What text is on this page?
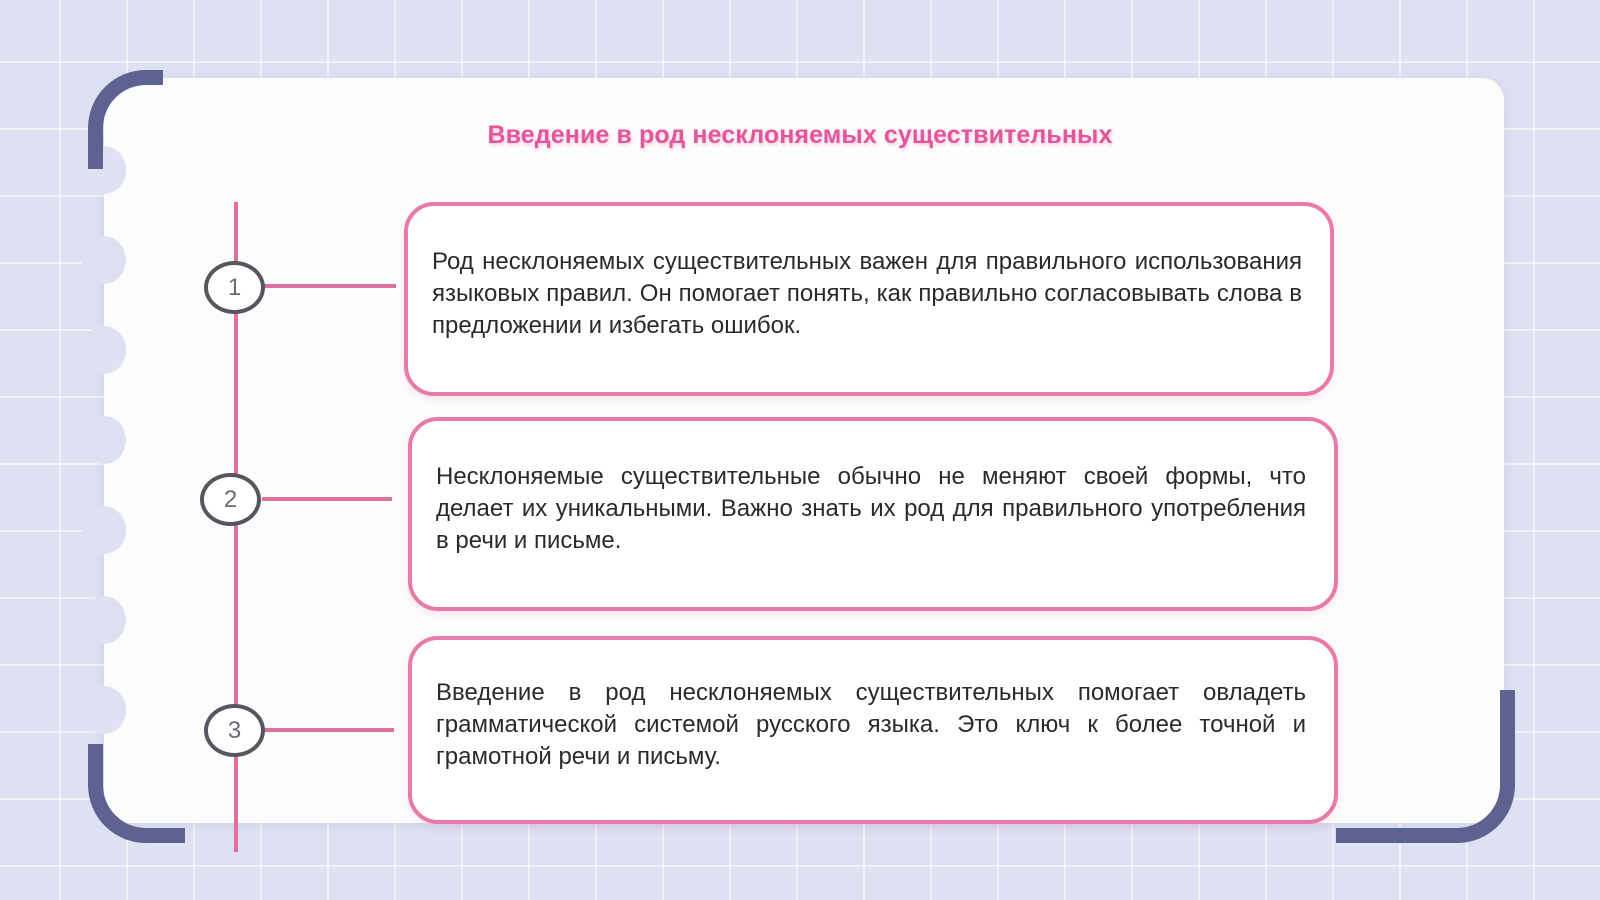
Введение в род несклоняемых существительных
1
2
3
Род несклоняемых существительных важен для правильного использования языковых правил. Он помогает понять, как правильно согласовывать слова в предложении и избегать ошибок.
Несклоняемые существительные обычно не меняют своей формы, что делает их уникальными. Важно знать их род для правильного употребления в речи и письме.
Введение в род несклоняемых существительных помогает овладеть грамматической системой русского языка. Это ключ к более точной и грамотной речи и письму.
